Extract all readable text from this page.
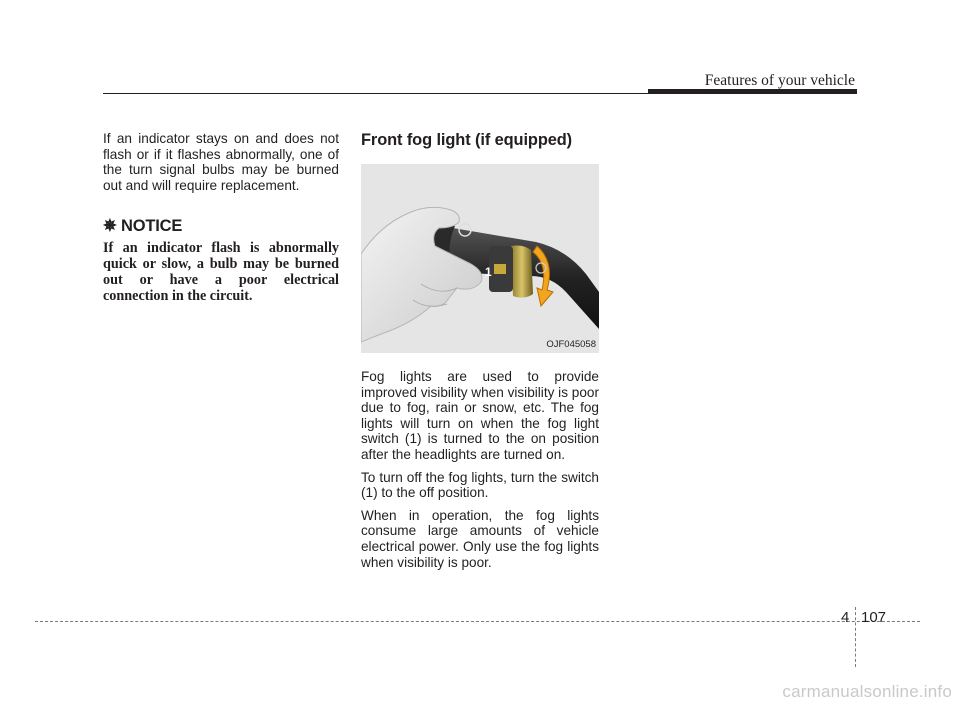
Features of your vehicle

If an indicator stays on and does not flash or if it flashes abnormally, one of the turn signal bulbs may be burned out and will require replacement.

✵ NOTICE

If an indicator flash is abnormally quick or slow, a bulb may be burned out or have a poor electrical connection in the circuit.

Front fog light (if equipped)
1
OJF045058

Fog lights are used to provide improved visibility when visibility is poor due to fog, rain or snow, etc. The fog lights will turn on when the fog light switch (1) is turned to the on position after the headlights are turned on.

To turn off the fog lights, turn the switch (1) to the off position.

When in operation, the fog lights consume large amounts of vehicle electrical power. Only use the fog lights when visibility is poor.

4 107
carmanualsonline.info
